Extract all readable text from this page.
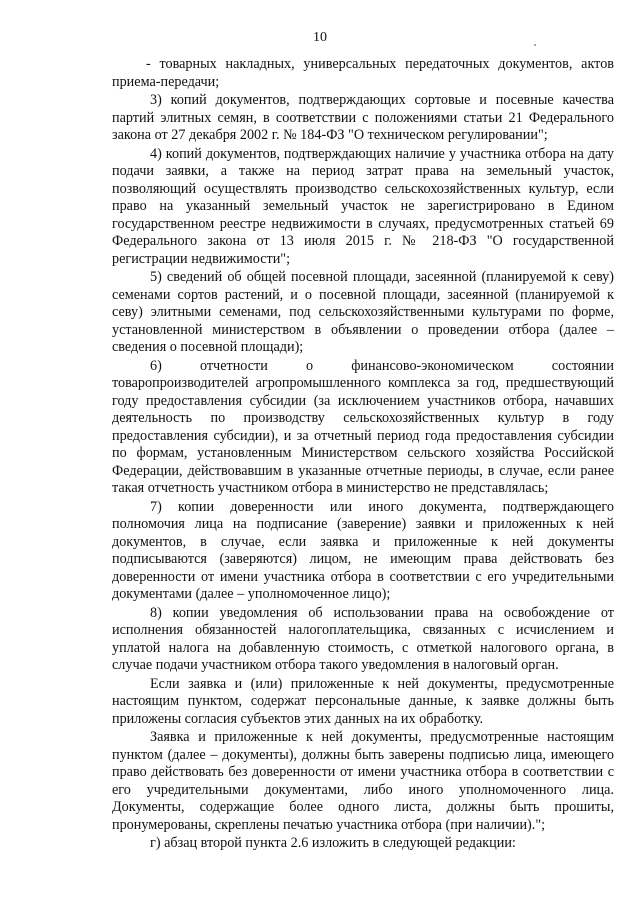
10

- товарных накладных, универсальных передаточных документов, актов приема-передачи;

3) копий документов, подтверждающих сортовые и посевные качества партий элитных семян, в соответствии с положениями статьи 21 Федерального закона от 27 декабря 2002 г. № 184-ФЗ "О техническом регулировании";

4) копий документов, подтверждающих наличие у участника отбора на дату подачи заявки, а также на период затрат права на земельный участок, позволяющий осуществлять производство сельскохозяйственных культур, если право на указанный земельный участок не зарегистрировано в Едином государственном реестре недвижимости в случаях, предусмотренных статьей 69 Федерального закона от 13 июля 2015 г. № 218-ФЗ "О государственной регистрации недвижимости";

5) сведений об общей посевной площади, засеянной (планируемой к севу) семенами сортов растений, и о посевной площади, засеянной (планируемой к севу) элитными семенами, под сельскохозяйственными культурами по форме, установленной министерством в объявлении о проведении отбора (далее – сведения о посевной площади);

6) отчетности о финансово-экономическом состоянии товаропроизводителей агропромышленного комплекса за год, предшествующий году предоставления субсидии (за исключением участников отбора, начавших деятельность по производству сельскохозяйственных культур в году предоставления субсидии), и за отчетный период года предоставления субсидии по формам, установленным Министерством сельского хозяйства Российской Федерации, действовавшим в указанные отчетные периоды, в случае, если ранее такая отчетность участником отбора в министерство не представлялась;

7) копии доверенности или иного документа, подтверждающего полномочия лица на подписание (заверение) заявки и приложенных к ней документов, в случае, если заявка и приложенные к ней документы подписываются (заверяются) лицом, не имеющим права действовать без доверенности от имени участника отбора в соответствии с его учредительными документами (далее – уполномоченное лицо);

8) копии уведомления об использовании права на освобождение от исполнения обязанностей налогоплательщика, связанных с исчислением и уплатой налога на добавленную стоимость, с отметкой налогового органа, в случае подачи участником отбора такого уведомления в налоговый орган.

Если заявка и (или) приложенные к ней документы, предусмотренные настоящим пунктом, содержат персональные данные, к заявке должны быть приложены согласия субъектов этих данных на их обработку.

Заявка и приложенные к ней документы, предусмотренные настоящим пунктом (далее – документы), должны быть заверены подписью лица, имеющего право действовать без доверенности от имени участника отбора в соответствии с его учредительными документами, либо иного уполномоченного лица. Документы, содержащие более одного листа, должны быть прошиты, пронумерованы, скреплены печатью участника отбора (при наличии).";

г) абзац второй пункта 2.6 изложить в следующей редакции:
